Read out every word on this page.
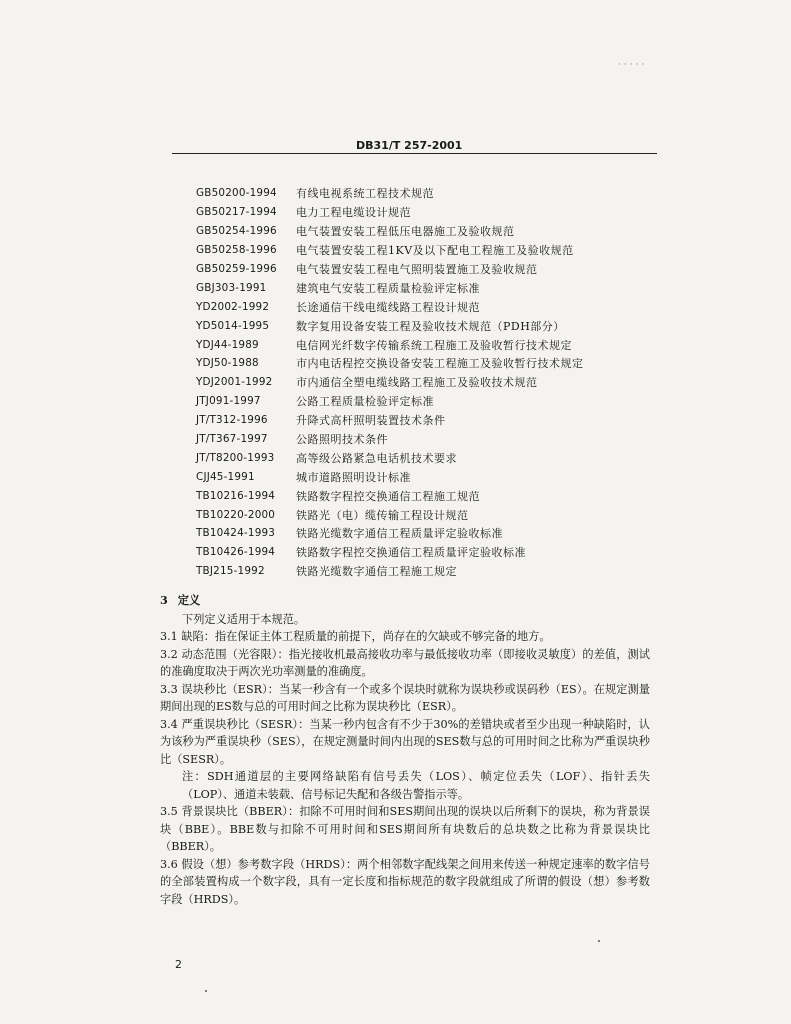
·····
DB31/T 257-2001
GB50200-1994	有线电视系统工程技术规范
GB50217-1994	电力工程电缆设计规范
GB50254-1996	电气装置安装工程低压电器施工及验收规范
GB50258-1996	电气装置安装工程1KV及以下配电工程施工及验收规范
GB50259-1996	电气装置安装工程电气照明装置施工及验收规范
GBJ303-1991	建筑电气安装工程质量检验评定标准
YD2002-1992	长途通信干线电缆线路工程设计规范
YD5014-1995	数字复用设备安装工程及验收技术规范（PDH部分）
YDJ44-1989	电信网光纤数字传输系统工程施工及验收暂行技术规定
YDJ50-1988	市内电话程控交换设备安装工程施工及验收暂行技术规定
YDJ2001-1992	市内通信全塑电缆线路工程施工及验收技术规范
JTJ091-1997	公路工程质量检验评定标准
JT/T312-1996	升降式高杆照明装置技术条件
JT/T367-1997	公路照明技术条件
JT/T8200-1993	高等级公路紧急电话机技术要求
CJJ45-1991	城市道路照明设计标准
TB10216-1994	铁路数字程控交换通信工程施工规范
TB10220-2000	铁路光（电）缆传输工程设计规范
TB10424-1993	铁路光缆数字通信工程质量评定验收标准
TB10426-1994	铁路数字程控交换通信工程质量评定验收标准
TBJ215-1992	铁路光缆数字通信工程施工规定
3 定义

下列定义适用于本规范。

3.1 缺陷：指在保证主体工程质量的前提下，尚存在的欠缺或不够完备的地方。

3.2 动态范围（光容限）：指光接收机最高接收功率与最低接收功率（即接收灵敏度）的差值，测试的准确度取决于两次光功率测量的准确度。

3.3 误块秒比（ESR）：当某一秒含有一个或多个误块时就称为误块秒或误码秒（ES）。在规定测量期间出现的ES数与总的可用时间之比称为误块秒比（ESR）。

3.4 严重误块秒比（SESR）：当某一秒内包含有不少于30%的差错块或者至少出现一种缺陷时，认为该秒为严重误块秒（SES），在规定测量时间内出现的SES数与总的可用时间之比称为严重误块秒比（SESR）。

注：SDH通道层的主要网络缺陷有信号丢失（LOS）、帧定位丢失（LOF）、指针丢失（LOP）、通道未装载、信号标记失配和各级告警指示等。

3.5 背景误块比（BBER）：扣除不可用时间和SES期间出现的误块以后所剩下的误块，称为背景误块（BBE）。BBE数与扣除不可用时间和SES期间所有块数后的总块数之比称为背景误块比（BBER）。

3.6 假设（想）参考数字段（HRDS）：两个相邻数字配线架之间用来传送一种规定速率的数字信号的全部装置构成一个数字段，具有一定长度和指标规范的数字段就组成了所谓的假设（想）参考数字段（HRDS）。

2
